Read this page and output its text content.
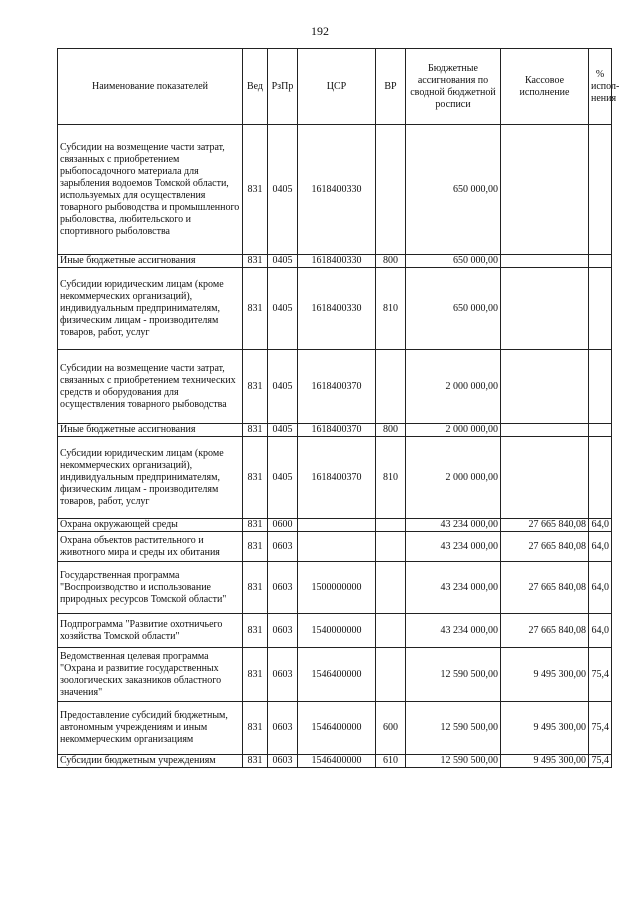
192
Наименование показателей	Вед	РзПр	ЦСР	ВР	Бюджетные ассигнования по сводной бюджетной росписи	Кассовое исполнение	% испол-нения
Субсидии на возмещение части затрат, связанных с приобретением рыбопосадочного материала для зарыбления водоемов Томской области, используемых для осуществления товарного рыбоводства и промышленного рыболовства, любительского и спортивного рыболовства	831	0405	1618400330		650 000,00		
Иные бюджетные ассигнования	831	0405	1618400330	800	650 000,00		
Субсидии юридическим лицам (кроме некоммерческих организаций), индивидуальным предпринимателям, физическим лицам - производителям товаров, работ, услуг	831	0405	1618400330	810	650 000,00		
Субсидии на возмещение части затрат, связанных с приобретением технических средств и оборудования для осуществления товарного рыбоводства	831	0405	1618400370		2 000 000,00		
Иные бюджетные ассигнования	831	0405	1618400370	800	2 000 000,00		
Субсидии юридическим лицам (кроме некоммерческих организаций), индивидуальным предпринимателям, физическим лицам - производителям товаров, работ, услуг	831	0405	1618400370	810	2 000 000,00		
Охрана окружающей среды	831	0600			43 234 000,00	27 665 840,08	64,0
Охрана объектов растительного и животного мира и среды их обитания	831	0603			43 234 000,00	27 665 840,08	64,0
Государственная программа "Воспроизводство и использование природных ресурсов Томской области"	831	0603	1500000000		43 234 000,00	27 665 840,08	64,0
Подпрограмма "Развитие охотничьего хозяйства Томской области"	831	0603	1540000000		43 234 000,00	27 665 840,08	64,0
Ведомственная целевая программа "Охрана и развитие государственных зоологических заказников областного значения"	831	0603	1546400000		12 590 500,00	9 495 300,00	75,4
Предоставление субсидий бюджетным, автономным учреждениям и иным некоммерческим организациям	831	0603	1546400000	600	12 590 500,00	9 495 300,00	75,4
Субсидии бюджетным учреждениям	831	0603	1546400000	610	12 590 500,00	9 495 300,00	75,4
